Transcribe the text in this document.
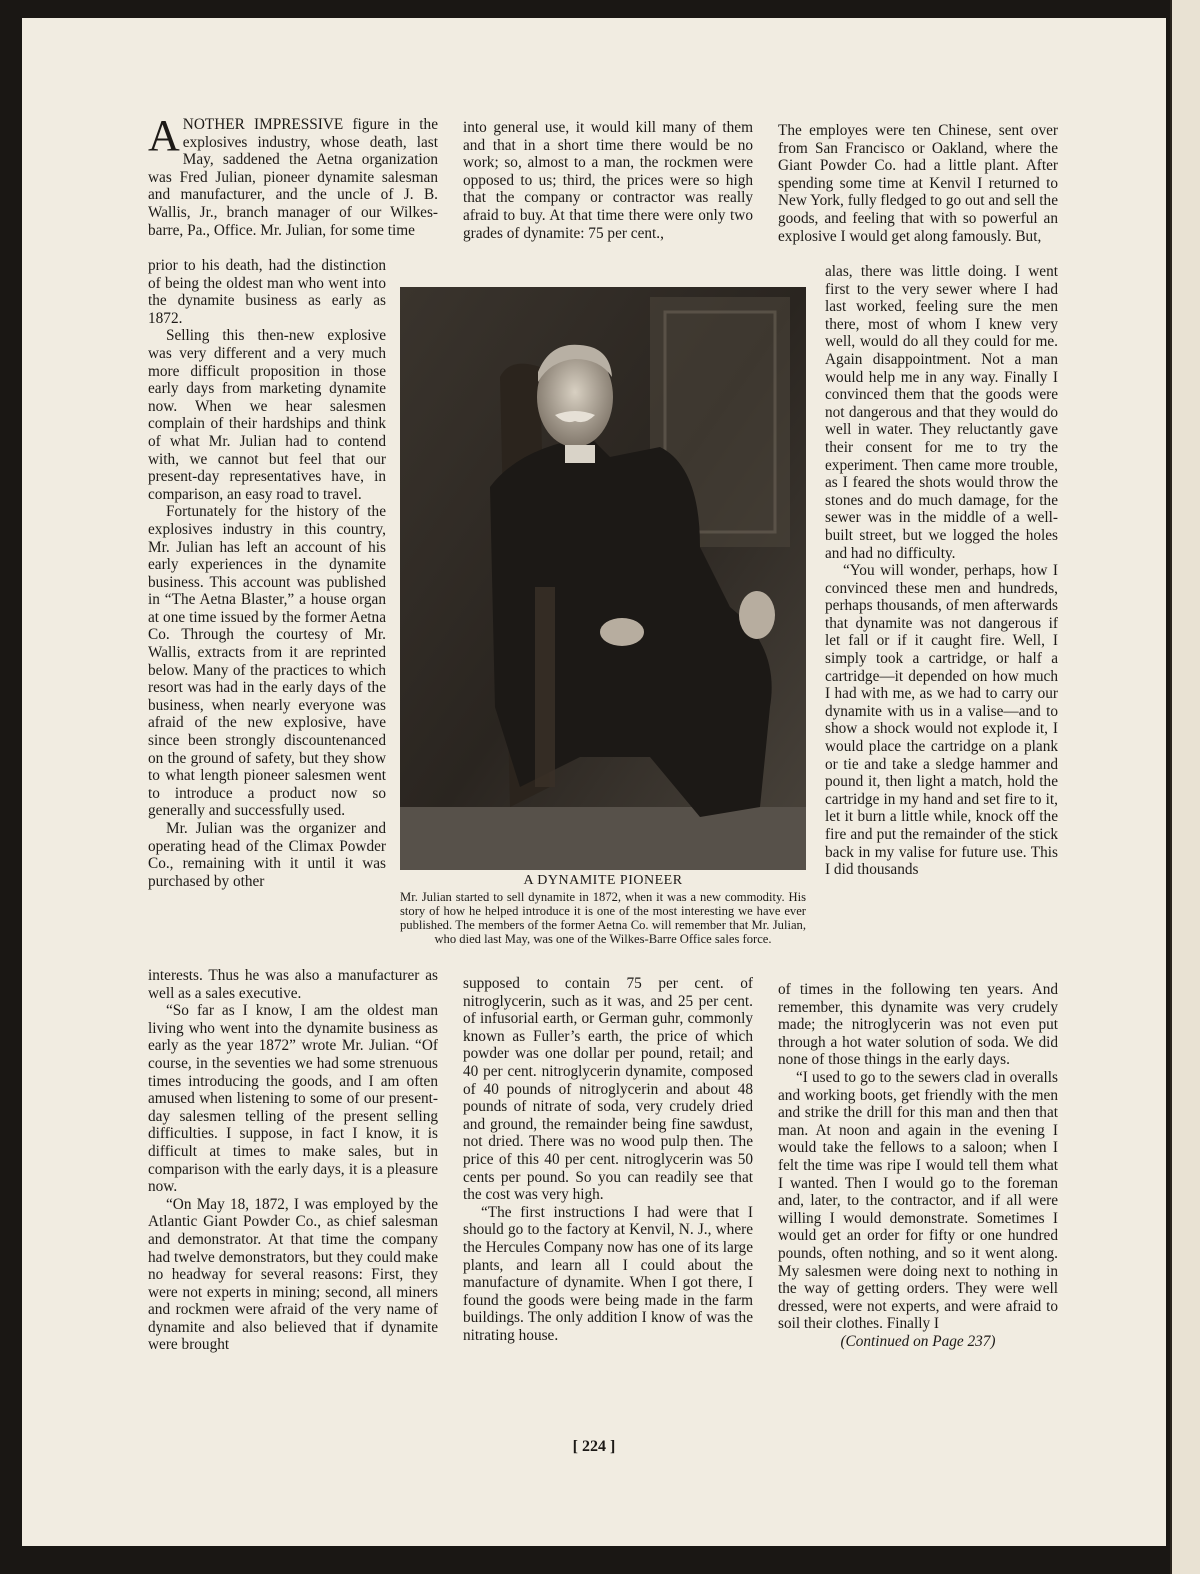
ANOTHER IMPRESSIVE figure in the explosives industry, whose death, last May, saddened the Aetna organization was Fred Julian, pioneer dynamite salesman and manufacturer, and the uncle of J. B. Wallis, Jr., branch manager of our Wilkes-barre, Pa., Office. Mr. Julian, for some time

prior to his death, had the distinction of being the oldest man who went into the dynamite business as early as 1872.

Selling this then-new explosive was very different and a very much more difficult proposition in those early days from marketing dynamite now. When we hear salesmen complain of their hardships and think of what Mr. Julian had to contend with, we cannot but feel that our present-day representatives have, in comparison, an easy road to travel.

Fortunately for the history of the explosives industry in this country, Mr. Julian has left an account of his early experiences in the dynamite business. This account was published in “The Aetna Blaster,” a house organ at one time issued by the former Aetna Co. Through the courtesy of Mr. Wallis, extracts from it are reprinted below. Many of the practices to which resort was had in the early days of the business, when nearly everyone was afraid of the new explosive, have since been strongly discountenanced on the ground of safety, but they show to what length pioneer salesmen went to introduce a product now so generally and successfully used.

Mr. Julian was the organizer and operating head of the Climax Powder Co., remaining with it until it was purchased by other

interests. Thus he was also a manufacturer as well as a sales executive.

“So far as I know, I am the oldest man living who went into the dynamite business as early as the year 1872” wrote Mr. Julian. “Of course, in the seventies we had some strenuous times introducing the goods, and I am often amused when listening to some of our present-day salesmen telling of the present selling difficulties. I suppose, in fact I know, it is difficult at times to make sales, but in comparison with the early days, it is a pleasure now.

“On May 18, 1872, I was employed by the Atlantic Giant Powder Co., as chief salesman and demonstrator. At that time the company had twelve demonstrators, but they could make no headway for several reasons: First, they were not experts in mining; second, all miners and rockmen were afraid of the very name of dynamite and also believed that if dynamite were brought

into general use, it would kill many of them and that in a short time there would be no work; so, almost to a man, the rockmen were opposed to us; third, the prices were so high that the company or contractor was really afraid to buy. At that time there were only two grades of dynamite: 75 per cent.,

A DYNAMITE PIONEER
Mr. Julian started to sell dynamite in 1872, when it was a new commodity. His story of how he helped introduce it is one of the most interesting we have ever published. The members of the former Aetna Co. will remember that Mr. Julian, who died last May, was one of the Wilkes-Barre Office sales force.

supposed to contain 75 per cent. of nitroglycerin, such as it was, and 25 per cent. of infusorial earth, or German guhr, commonly known as Fuller’s earth, the price of which powder was one dollar per pound, retail; and 40 per cent. nitroglycerin dynamite, composed of 40 pounds of nitroglycerin and about 48 pounds of nitrate of soda, very crudely dried and ground, the remainder being fine sawdust, not dried. There was no wood pulp then. The price of this 40 per cent. nitroglycerin was 50 cents per pound. So you can readily see that the cost was very high.

“The first instructions I had were that I should go to the factory at Kenvil, N. J., where the Hercules Company now has one of its large plants, and learn all I could about the manufacture of dynamite. When I got there, I found the goods were being made in the farm buildings. The only addition I know of was the nitrating house.

The employes were ten Chinese, sent over from San Francisco or Oakland, where the Giant Powder Co. had a little plant. After spending some time at Kenvil I returned to New York, fully fledged to go out and sell the goods, and feeling that with so powerful an explosive I would get along famously. But,

alas, there was little doing. I went first to the very sewer where I had last worked, feeling sure the men there, most of whom I knew very well, would do all they could for me. Again disappointment. Not a man would help me in any way. Finally I convinced them that the goods were not dangerous and that they would do well in water. They reluctantly gave their consent for me to try the experiment. Then came more trouble, as I feared the shots would throw the stones and do much damage, for the sewer was in the middle of a well-built street, but we logged the holes and had no difficulty.

“You will wonder, perhaps, how I convinced these men and hundreds, perhaps thousands, of men afterwards that dynamite was not dangerous if let fall or if it caught fire. Well, I simply took a cartridge, or half a cartridge—it depended on how much I had with me, as we had to carry our dynamite with us in a valise—and to show a shock would not explode it, I would place the cartridge on a plank or tie and take a sledge hammer and pound it, then light a match, hold the cartridge in my hand and set fire to it, let it burn a little while, knock off the fire and put the remainder of the stick back in my valise for future use. This I did thousands

of times in the following ten years. And remember, this dynamite was very crudely made; the nitroglycerin was not even put through a hot water solution of soda. We did none of those things in the early days.

“I used to go to the sewers clad in overalls and working boots, get friendly with the men and strike the drill for this man and then that man. At noon and again in the evening I would take the fellows to a saloon; when I felt the time was ripe I would tell them what I wanted. Then I would go to the foreman and, later, to the contractor, and if all were willing I would demonstrate. Sometimes I would get an order for fifty or one hundred pounds, often nothing, and so it went along. My salesmen were doing next to nothing in the way of getting orders. They were well dressed, were not experts, and were afraid to soil their clothes. Finally I

(Continued on Page 237)

[ 224 ]
